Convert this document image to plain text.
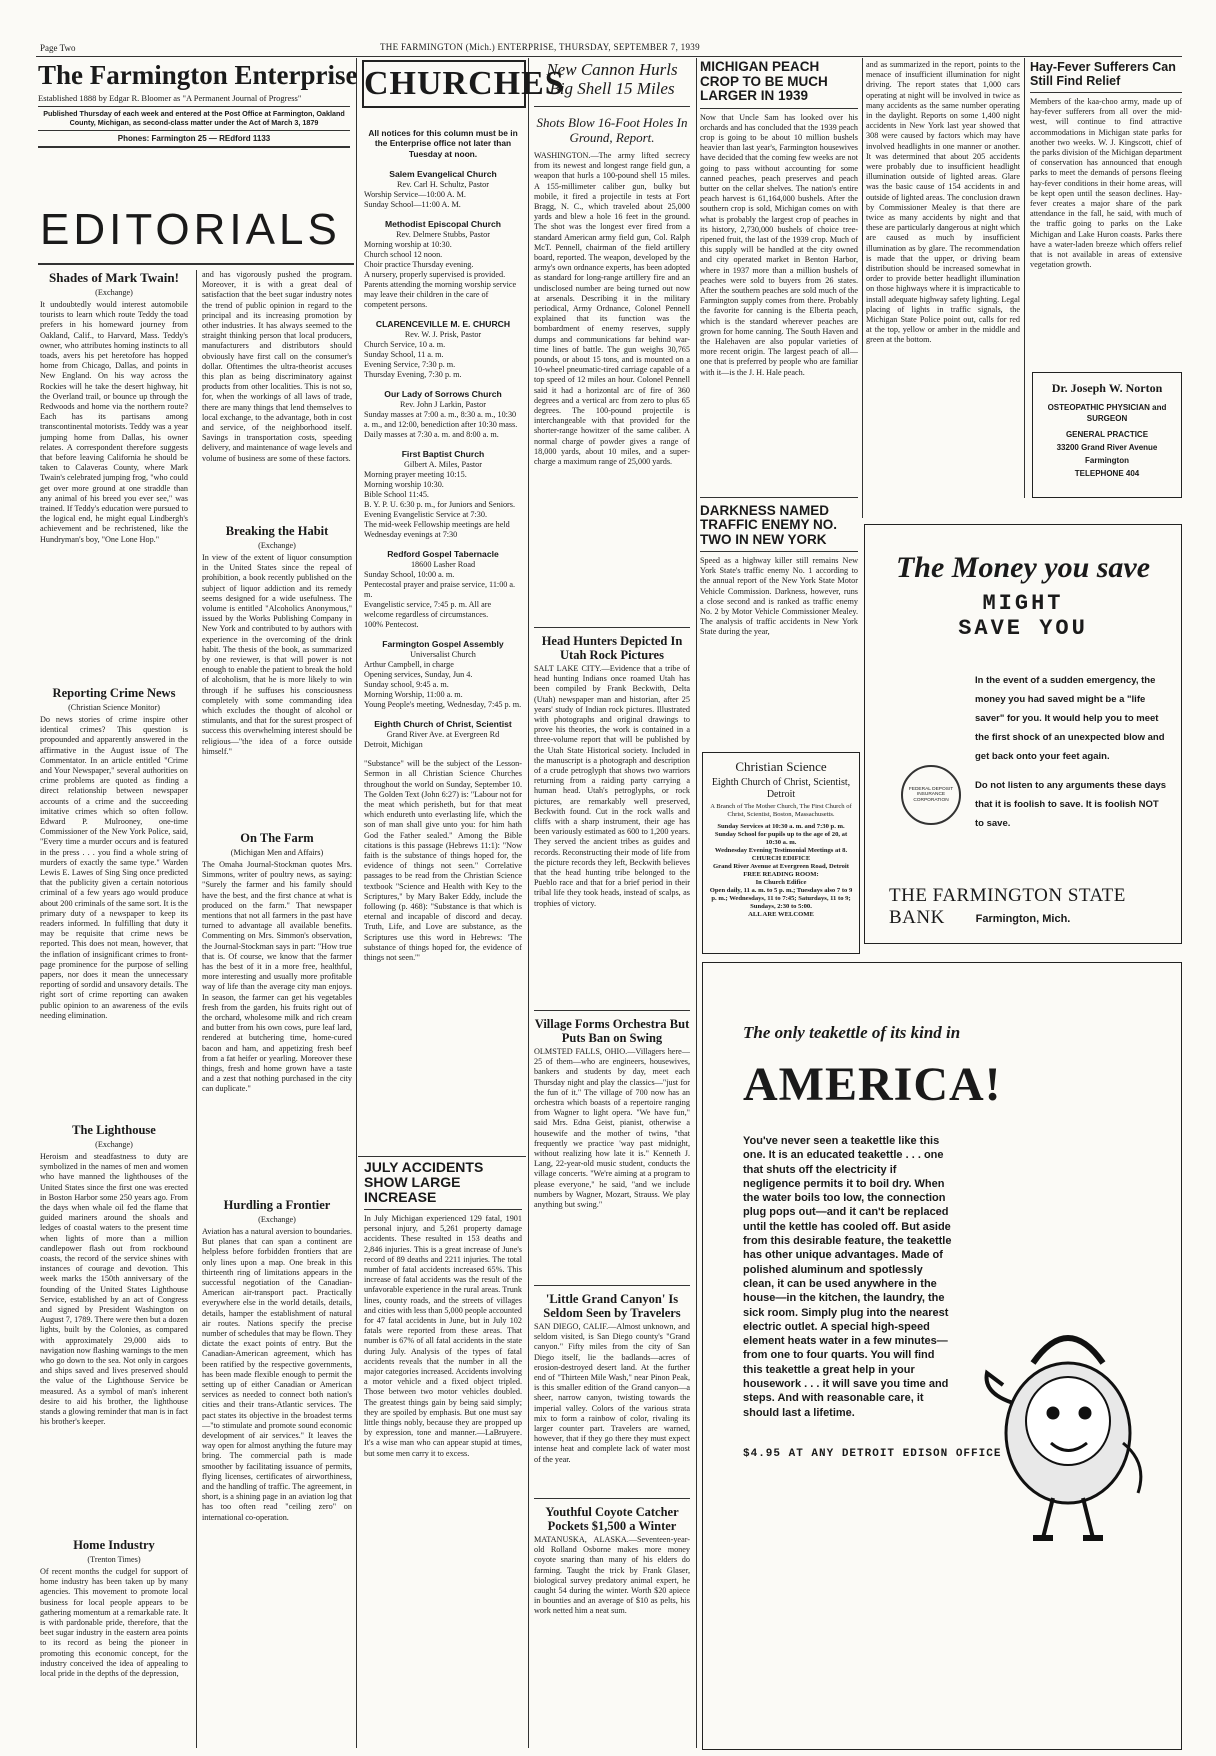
Page Two	THE FARMINGTON (Mich.) ENTERPRISE, THURSDAY, SEPTEMBER 7, 1939
The Farmington Enterprise
Established 1888 by Edgar R. Bloomer as "A Permanent Journal of Progress"
Published Thursday of each week and entered at the Post Office at Farmington, Oakland County, Michigan, as second-class matter under the Act of March 3, 1879
Phones: Farmington 25 — REdford 1133
EDITORIALS
Shades of Mark Twain!
(Exchange)
It undoubtedly would interest automobile tourists to learn which route Teddy the toad prefers in his homeward journey from Oakland, Calif., to Harvard, Mass. Teddy's owner, who attributes homing instincts to all toads, avers his pet heretofore has hopped home from Chicago, Dallas, and points in New England. On his way across the Rockies will he take the desert highway, hit the Overland trail, or bounce up through the Redwoods and home via the northern route? Each has its partisans among transcontinental motorists. Teddy was a year jumping home from Dallas, his owner relates. A correspondent therefore suggests that before leaving California he should be taken to Calaveras County, where Mark Twain's celebrated jumping frog, "who could get over more ground at one straddle than any animal of his breed you ever see," was trained. If Teddy's education were pursued to the logical end, he might equal Lindbergh's achievement and be rechristened, like the Hundryman's boy, "One Lone Hop."
Reporting Crime News
(Christian Science Monitor)
Do news stories of crime inspire other identical crimes? This question is propounded and apparently answered in the affirmative in the August issue of The Commentator. In an article entitled "Crime and Your Newspaper," several authorities on crime problems are quoted as finding a direct relationship between newspaper accounts of a crime and the succeeding imitative crimes which so often follow. Edward P. Mulrooney, one-time Commissioner of the New York Police, said, "Every time a murder occurs and is featured in the press . . . you find a whole string of murders of exactly the same type." Warden Lewis E. Lawes of Sing Sing once predicted that the publicity given a certain notorious criminal of a few years ago would produce about 200 criminals of the same sort. It is the primary duty of a newspaper to keep its readers informed. In fulfilling that duty it may be requisite that crime news be reported. This does not mean, however, that the inflation of insignificant crimes to front-page prominence for the purpose of selling papers, nor does it mean the unnecessary reporting of sordid and unsavory details. The right sort of crime reporting can awaken public opinion to an awareness of the evils needing elimination.
The Lighthouse
(Exchange)
Heroism and steadfastness to duty are symbolized in the names of men and women who have manned the lighthouses of the United States since the first one was erected in Boston Harbor some 250 years ago. From the days when whale oil fed the flame that guided mariners around the shoals and ledges of coastal waters to the present time when lights of more than a million candlepower flash out from rockbound coasts, the record of the service shines with instances of courage and devotion. This week marks the 150th anniversary of the founding of the United States Lighthouse Service, established by an act of Congress and signed by President Washington on August 7, 1789. There were then but a dozen lights, built by the Colonies, as compared with approximately 29,000 aids to navigation now flashing warnings to the men who go down to the sea. Not only in cargoes and ships saved and lives preserved should the value of the Lighthouse Service be measured. As a symbol of man's inherent desire to aid his brother, the lighthouse stands a glowing reminder that man is in fact his brother's keeper.
Home Industry
(Trenton Times)
Of recent months the cudgel for support of home industry has been taken up by many agencies. This movement to promote local business for local people appears to be gathering momentum at a remarkable rate. It is with pardonable pride, therefore, that the beet sugar industry in the eastern area points to its record as being the pioneer in promoting this economic concept, for the industry conceived the idea of appealing to local pride in the depths of the depression,
and has vigorously pushed the program. Moreover, it is with a great deal of satisfaction that the beet sugar industry notes the trend of public opinion in regard to the principal and its increasing promotion by other industries. It has always seemed to the straight thinking person that local producers, manufacturers and distributors should obviously have first call on the consumer's dollar. Oftentimes the ultra-theorist accuses this plan as being discriminatory against products from other localities. This is not so, for, when the workings of all laws of trade, there are many things that lend themselves to local exchange, to the advantage, both in cost and service, of the neighborhood itself. Savings in transportation costs, speeding delivery, and maintenance of wage levels and volume of business are some of these factors.
Breaking the Habit
(Exchange)
In view of the extent of liquor consumption in the United States since the repeal of prohibition, a book recently published on the subject of liquor addiction and its remedy seems designed for a wide usefulness. The volume is entitled "Alcoholics Anonymous," issued by the Works Publishing Company in New York and contributed to by authors with experience in the overcoming of the drink habit. The thesis of the book, as summarized by one reviewer, is that will power is not enough to enable the patient to break the hold of alcoholism, that he is more likely to win through if he suffuses his consciousness completely with some commanding idea which excludes the thought of alcohol or stimulants, and that for the surest prospect of success this overwhelming interest should be religious—"the idea of a force outside himself."
On The Farm
(Michigan Men and Affairs)
The Omaha Journal-Stockman quotes Mrs. Simmons, writer of poultry news, as saying: "Surely the farmer and his family should have the best, and the first chance at what is produced on the farm." That newspaper mentions that not all farmers in the past have turned to advantage all available benefits. Commenting on Mrs. Simmon's observation, the Journal-Stockman says in part: "How true that is. Of course, we know that the farmer has the best of it in a more free, healthful, more interesting and usually more profitable way of life than the average city man enjoys. In season, the farmer can get his vegetables fresh from the garden, his fruits right out of the orchard, wholesome milk and rich cream and butter from his own cows, pure leaf lard, rendered at butchering time, home-cured bacon and ham, and appetizing fresh beef from a fat heifer or yearling. Moreover these things, fresh and home grown have a taste and a zest that nothing purchased in the city can duplicate."
Hurdling a Frontier
(Exchange)
Aviation has a natural aversion to boundaries. But planes that can span a continent are helpless before forbidden frontiers that are only lines upon a map. One break in this thirteenth ring of limitations appears in the successful negotiation of the Canadian-American air-transport pact. Practically everywhere else in the world details, details, details, hamper the establishment of natural air routes. Nations specify the precise number of schedules that may be flown. They dictate the exact points of entry. But the Canadian-American agreement, which has been ratified by the respective governments, has been made flexible enough to permit the setting up of either Canadian or American services as needed to connect both nation's cities and their trans-Atlantic services. The pact states its objective in the broadest terms—"to stimulate and promote sound economic development of air services." It leaves the way open for almost anything the future may bring. The commercial path is made smoother by facilitating issuance of permits, flying licenses, certificates of airworthiness, and the handling of traffic. The agreement, in short, is a shining page in an aviation log that has too often read "ceiling zero" on international co-operation.
CHURCHES
All notices for this column must be in the Enterprise office not later than Tuesday at noon.
Salem Evangelical Church
Rev. Carl H. Schultz, Pastor
Worship Service—10:00 A. M.
Sunday School—11:00 A. M.
Methodist Episcopal Church
Rev. Delmere Stubbs, Pastor
Morning worship at 10:30.
Church school 12 noon.
Choir practice Thursday evening.
A nursery, properly supervised is provided. Parents attending the morning worship service may leave their children in the care of competent persons.
CLARENCEVILLE M. E. CHURCH
Rev. W. J. Prisk, Pastor
Church Service, 10 a. m.
Sunday School, 11 a. m.
Evening Service, 7:30 p. m.
Thursday Evening, 7:30 p. m.
Our Lady of Sorrows Church
Rev. John J Larkin, Pastor
Sunday masses at 7:00 a. m., 8:30 a. m., 10:30 a. m., and 12:00, benediction after 10:30 mass.
Daily masses at 7:30 a. m. and 8:00 a. m.
First Baptist Church
Gilbert A. Miles, Pastor
Morning prayer meeting 10:15.
Morning worship 10:30.
Bible School 11:45.
B. Y. P. U. 6:30 p. m., for Juniors and Seniors.
Evening Evangelistic Service at 7:30.
The mid-week Fellowship meetings are held Wednesday evenings at 7:30
Redford Gospel Tabernacle
18600 Lasher Road
Sunday School, 10:00 a. m.
Pentecostal prayer and praise service, 11:00 a. m.
Evangelistic service, 7:45 p. m. All are welcome regardless of circumstances.
100% Pentecost.
Farmington Gospel Assembly
Universalist Church
Arthur Campbell, in charge
Opening services, Sunday, Jun 4.
Sunday school, 9:45 a. m.
Morning Worship, 11:00 a. m.
Young People's meeting, Wednesday, 7:45 p. m.
Eighth Church of Christ, Scientist
Grand River Ave. at Evergreen Rd
Detroit, Michigan
"Substance" will be the subject of the Lesson-Sermon in all Christian Science Churches throughout the world on Sunday, September 10. The Golden Text (John 6:27) is: "Labour not for the meat which perisheth, but for that meat which endureth unto everlasting life, which the son of man shall give unto you: for him hath God the Father sealed." Among the Bible citations is this passage (Hebrews 11:1): "Now faith is the substance of things hoped for, the evidence of things not seen." Correlative passages to be read from the Christian Science textbook "Science and Health with Key to the Scriptures," by Mary Baker Eddy, include the following (p. 468): "Substance is that which is eternal and incapable of discord and decay. Truth, Life, and Love are substance, as the Scriptures use this word in Hebrews: 'The substance of things hoped for, the evidence of things not seen.'"
JULY ACCIDENTS SHOW LARGE INCREASE
In July Michigan experienced 129 fatal, 1901 personal injury, and 5,261 property damage accidents. These resulted in 153 deaths and 2,846 injuries. This is a great increase of June's record of 89 deaths and 2211 injuries. The total number of fatal accidents increased 65%. This increase of fatal accidents was the result of the unfavorable experience in the rural areas. Trunk lines, county roads, and the streets of villages and cities with less than 5,000 people accounted for 47 fatal accidents in June, but in July 102 fatals were reported from these areas. That number is 67% of all fatal accidents in the state during July. Analysis of the types of fatal accidents reveals that the number in all the major categories increased. Accidents involving a motor vehicle and a fixed object tripled. Those between two motor vehicles doubled. The greatest things gain by being said simply; they are spoiled by emphasis. But one must say little things nobly, because they are propped up by expression, tone and manner.—LaBruyere. It's a wise man who can appear stupid at times, but some men carry it to excess.
New Cannon Hurls Big Shell 15 Miles
Shots Blow 16-Foot Holes In Ground, Report.
WASHINGTON.—The army lifted secrecy from its newest and longest range field gun, a weapon that hurls a 100-pound shell 15 miles. A 155-millimeter caliber gun, bulky but mobile, it fired a projectile in tests at Fort Bragg, N. C., which traveled about 25,000 yards and blew a hole 16 feet in the ground. The shot was the longest ever fired from a standard American army field gun, Col. Ralph McT. Pennell, chairman of the field artillery board, reported. The weapon, developed by the army's own ordnance experts, has been adopted as standard for long-range artillery fire and an undisclosed number are being turned out now at arsenals. Describing it in the military periodical, Army Ordnance, Colonel Pennell explained that its function was the bombardment of enemy reserves, supply dumps and communications far behind war-time lines of battle. The gun weighs 30,765 pounds, or about 15 tons, and is mounted on a 10-wheel pneumatic-tired carriage capable of a top speed of 12 miles an hour. Colonel Pennell said it had a horizontal arc of fire of 360 degrees and a vertical arc from zero to plus 65 degrees. The 100-pound projectile is interchangeable with that provided for the shorter-range howitzer of the same caliber. A normal charge of powder gives a range of 18,000 yards, about 10 miles, and a super-charge a maximum range of 25,000 yards.
Head Hunters Depicted In Utah Rock Pictures
SALT LAKE CITY.—Evidence that a tribe of head hunting Indians once roamed Utah has been compiled by Frank Beckwith, Delta (Utah) newspaper man and historian, after 25 years' study of Indian rock pictures. Illustrated with photographs and original drawings to prove his theories, the work is contained in a three-volume report that will be published by the Utah State Historical society. Included in the manuscript is a photograph and description of a crude petroglyph that shows two warriors returning from a raiding party carrying a human head. Utah's petroglyphs, or rock pictures, are remarkably well preserved, Beckwith found. Cut in the rock walls and cliffs with a sharp instrument, their age has been variously estimated as 600 to 1,200 years. They served the ancient tribes as guides and records. Reconstructing their mode of life from the picture records they left, Beckwith believes that the head hunting tribe belonged to the Pueblo race and that for a brief period in their tribal life they took heads, instead of scalps, as trophies of victory.
Village Forms Orchestra But Puts Ban on Swing
OLMSTED FALLS, OHIO.—Villagers here—25 of them—who are engineers, housewives, bankers and students by day, meet each Thursday night and play the classics—"just for the fun of it." The village of 700 now has an orchestra which boasts of a repertoire ranging from Wagner to light opera. "We have fun," said Mrs. Edna Geist, pianist, otherwise a housewife and the mother of twins, "that frequently we practice 'way past midnight, without realizing how late it is." Kenneth J. Lang, 22-year-old music student, conducts the village concerts. "We're aiming at a program to please everyone," he said, "and we include numbers by Wagner, Mozart, Strauss. We play anything but swing."
'Little Grand Canyon' Is Seldom Seen by Travelers
SAN DIEGO, CALIF.—Almost unknown, and seldom visited, is San Diego county's "Grand canyon." Fifty miles from the city of San Diego itself, lie the badlands—acres of erosion-destroyed desert land. At the further end of "Thirteen Mile Wash," near Pinon Peak, is this smaller edition of the Grand canyon—a sheer, narrow canyon, twisting towards the imperial valley. Colors of the various strata mix to form a rainbow of color, rivaling its larger counter part. Travelers are warned, however, that if they go there they must expect intense heat and complete lack of water most of the year.
Youthful Coyote Catcher Pockets $1,500 a Winter
MATANUSKA, ALASKA.—Seventeen-year-old Rolland Osborne makes more money coyote snaring than many of his elders do farming. Taught the trick by Frank Glaser, biological survey predatory animal expert, he caught 54 during the winter. Worth $20 apiece in bounties and an average of $10 as pelts, his work netted him a neat sum.
MICHIGAN PEACH CROP TO BE MUCH LARGER IN 1939
Now that Uncle Sam has looked over his orchards and has concluded that the 1939 peach crop is going to be about 10 million bushels heavier than last year's, Farmington housewives have decided that the coming few weeks are not going to pass without accounting for some canned peaches, peach preserves and peach butter on the cellar shelves. The nation's entire peach harvest is 61,164,000 bushels. After the southern crop is sold, Michigan comes on with what is probably the largest crop of peaches in its history, 2,730,000 bushels of choice tree-ripened fruit, the last of the 1939 crop. Much of this supply will be handled at the city owned and city operated market in Benton Harbor, where in 1937 more than a million bushels of peaches were sold to buyers from 26 states. After the southern peaches are sold much of the Farmington supply comes from there. Probably the favorite for canning is the Elberta peach, which is the standard wherever peaches are grown for home canning. The South Haven and the Halehaven are also popular varieties of more recent origin. The largest peach of all—one that is preferred by people who are familiar with it—is the J. H. Hale peach.
DARKNESS NAMED TRAFFIC ENEMY NO. TWO IN NEW YORK
Speed as a highway killer still remains New York State's traffic enemy No. 1 according to the annual report of the New York State Motor Vehicle Commission. Darkness, however, runs a close second and is ranked as traffic enemy No. 2 by Motor Vehicle Commissioner Mealey. The analysis of traffic accidents in New York State during the year,
and as summarized in the report, points to the menace of insufficient illumination for night driving. The report states that 1,000 cars operating at night will be involved in twice as many accidents as the same number operating in the daylight. Reports on some 1,400 night accidents in New York last year showed that 308 were caused by factors which may have involved headlights in one manner or another. It was determined that about 205 accidents were probably due to insufficient headlight illumination outside of lighted areas. Glare was the basic cause of 154 accidents in and outside of lighted areas. The conclusion drawn by Commissioner Mealey is that there are twice as many accidents by night and that these are particularly dangerous at night which are caused as much by insufficient illumination as by glare. The recommendation is made that the upper, or driving beam distribution should be increased somewhat in order to provide better headlight illumination on those highways where it is impracticable to install adequate highway safety lighting. Legal placing of lights in traffic signals, the Michigan State Police point out, calls for red at the top, yellow or amber in the middle and green at the bottom.
Hay-Fever Sufferers Can Still Find Relief
Members of the kaa-choo army, made up of hay-fever sufferers from all over the mid-west, will continue to find attractive accommodations in Michigan state parks for another two weeks. W. J. Kingscott, chief of the parks division of the Michigan department of conservation has announced that enough parks to meet the demands of persons fleeing hay-fever conditions in their home areas, will be kept open until the season declines. Hay-fever creates a major share of the park attendance in the fall, he said, with much of the traffic going to parks on the Lake Michigan and Lake Huron coasts. Parks there have a water-laden breeze which offers relief that is not available in areas of extensive vegetation growth.
Dr. Joseph W. Norton
OSTEOPATHIC PHYSICIAN and SURGEON
GENERAL PRACTICE
33200 Grand River Avenue
Farmington
TELEPHONE 404
Christian Science
Eighth Church of Christ, Scientist, Detroit
A Branch of The Mother Church, The First Church of Christ, Scientist, Boston, Massachusetts.
Sunday Services at 10:30 a. m. and 7:30 p. m.
Sunday School for pupils up to the age of 20, at 10:30 a. m.
Wednesday Evening Testimonial Meetings at 8.
CHURCH EDIFICE
Grand River Avenue at Evergreen Road, Detroit
FREE READING ROOM:
In Church Edifice
Open daily, 11 a. m. to 5 p. m.; Tuesdays also 7 to 9 p. m.; Wednesdays, 11 to 7:45; Saturdays, 11 to 9; Sundays, 2:30 to 5:00.
ALL ARE WELCOME
The Money you save
MIGHT
SAVE YOU
In the event of a sudden emergency, the money you had saved might be a "life saver" for you. It would help you to meet the first shock of an unexpected blow and get back onto your feet again.
Do not listen to any arguments these days that it is foolish to save. It is foolish NOT to save.
FEDERAL DEPOSIT INSURANCE CORPORATION
THE FARMINGTON STATE BANK	Farmington, Mich.
The only teakettle of its kind in
AMERICA!
You've never seen a teakettle like this one. It is an educated teakettle . . . one that shuts off the electricity if negligence permits it to boil dry. When the water boils too low, the connection plug pops out—and it can't be replaced until the kettle has cooled off. But aside from this desirable feature, the teakettle has other unique advantages. Made of polished aluminum and spotlessly clean, it can be used anywhere in the house—in the kitchen, the laundry, the sick room. Simply plug into the nearest electric outlet. A special high-speed element heats water in a few minutes—from one to four quarts. You will find this teakettle a great help in your housework . . . it will save you time and steps. And with reasonable care, it should last a lifetime.
$4.95 AT ANY DETROIT EDISON OFFICE
